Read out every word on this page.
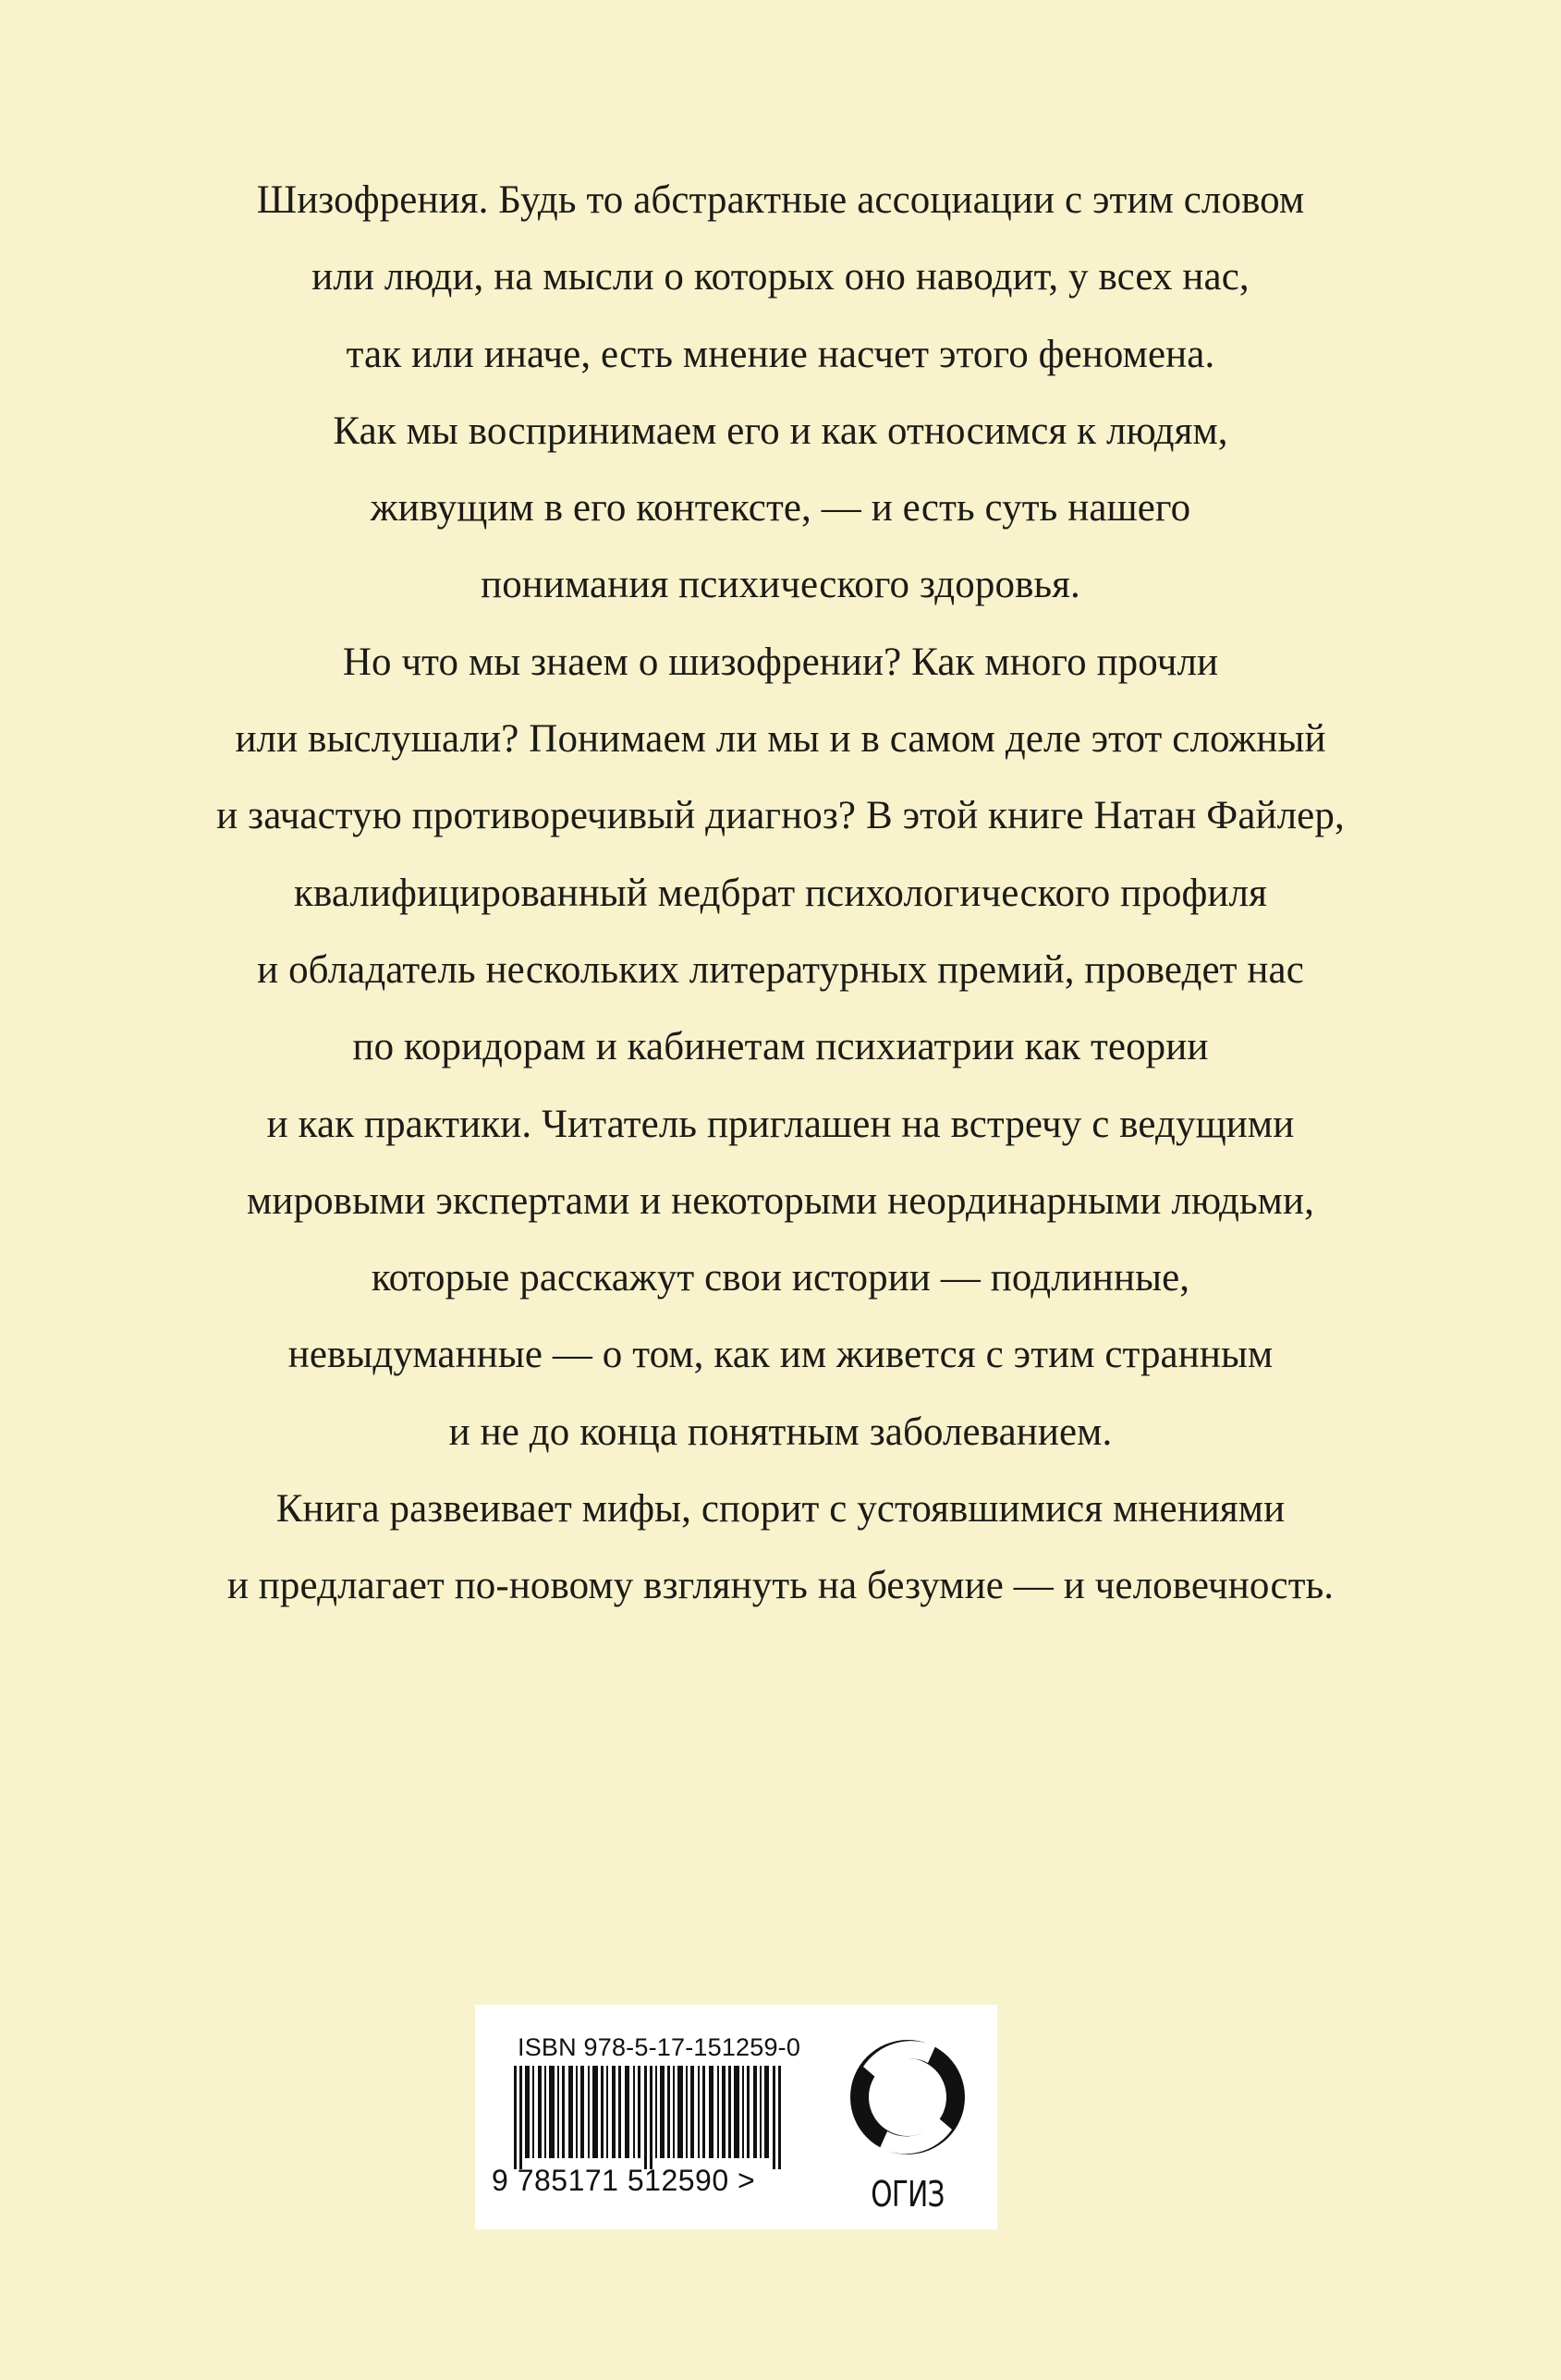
Шизофрения. Будь то абстрактные ассоциации с этим словом
или люди, на мысли о которых оно наводит, у всех нас,
так или иначе, есть мнение насчет этого феномена.
Как мы воспринимаем его и как относимся к людям,
живущим в его контексте, — и есть суть нашего
понимания психического здоровья.
Но что мы знаем о шизофрении? Как много прочли
или выслушали? Понимаем ли мы и в самом деле этот сложный
и зачастую противоречивый диагноз? В этой книге Натан Файлер,
квалифицированный медбрат психологического профиля
и обладатель нескольких литературных премий, проведет нас
по коридорам и кабинетам психиатрии как теории
и как практики. Читатель приглашен на встречу с ведущими
мировыми экспертами и некоторыми неординарными людьми,
которые расскажут свои истории — подлинные,
невыдуманные — о том, как им живется с этим странным
и не до конца понятным заболеванием.
Книга развеивает мифы, спорит с устоявшимися мнениями
и предлагает по-новому взглянуть на безумие — и человечность.
ISBN 978-5-17-151259-0
9 785171 512590 >	ОГИЗ
